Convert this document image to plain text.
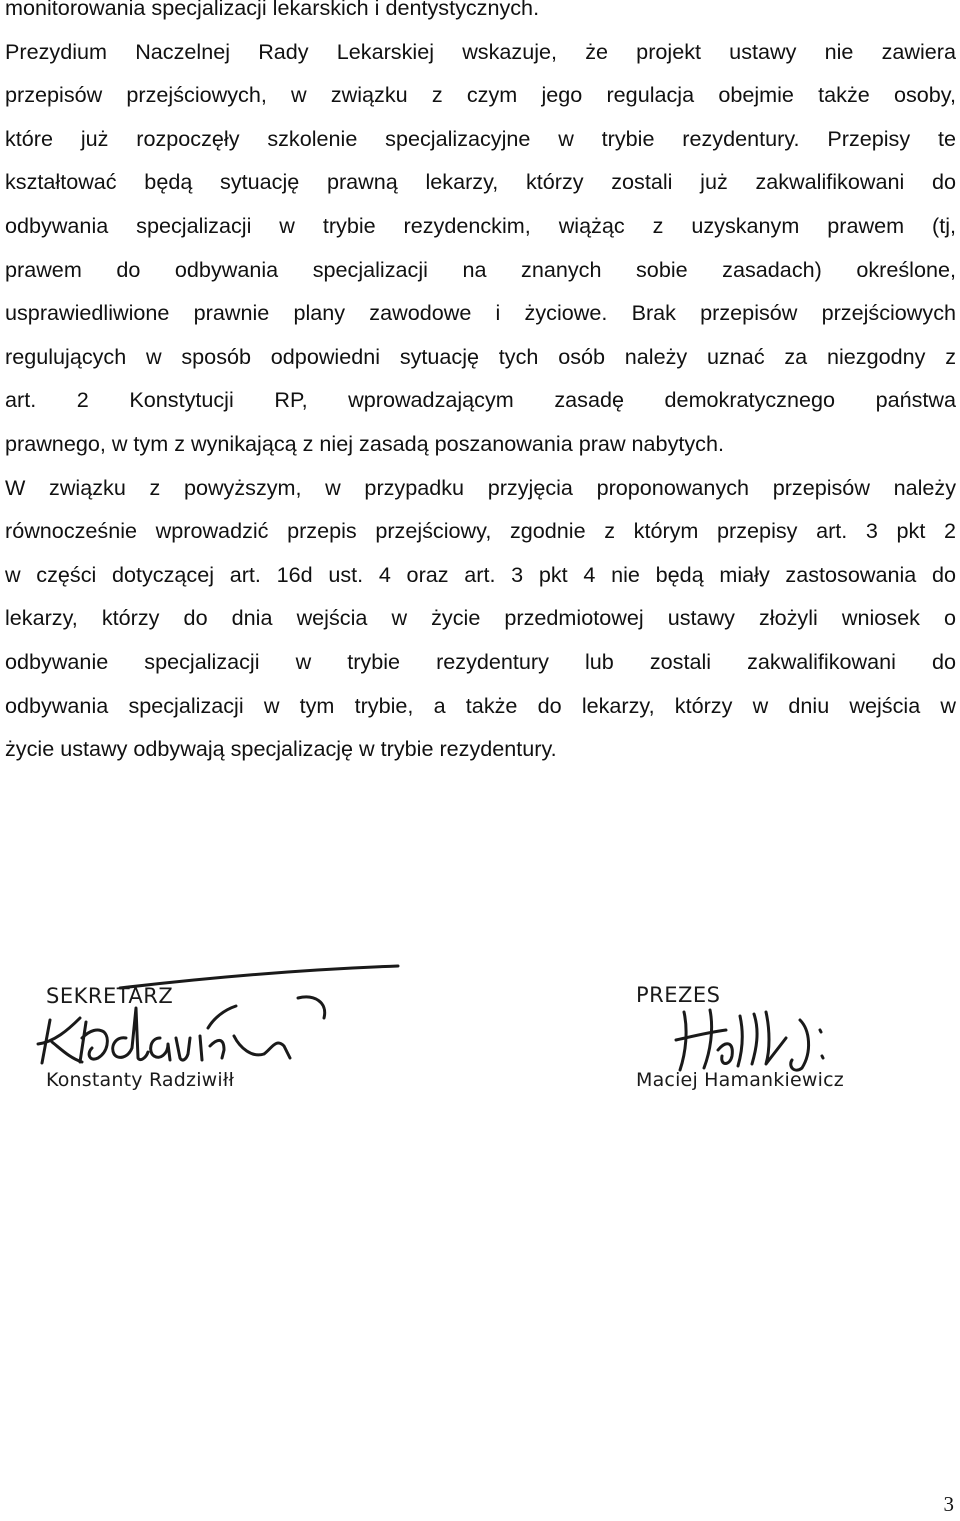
monitorowania specjalizacji lekarskich i dentystycznych.
Prezydium Naczelnej Rady Lekarskiej wskazuje, że projekt ustawy nie zawiera
przepisów przejściowych, w związku z czym jego regulacja obejmie także osoby,
które już rozpoczęły szkolenie specjalizacyjne w trybie rezydentury. Przepisy te
kształtować będą sytuację prawną lekarzy, którzy zostali już zakwalifikowani do
odbywania specjalizacji w trybie rezydenckim, wiążąc z uzyskanym prawem (tj,
prawem do odbywania specjalizacji na znanych sobie zasadach) określone,
usprawiedliwione prawnie plany zawodowe i życiowe. Brak przepisów przejściowych
regulujących w sposób odpowiedni sytuację tych osób należy uznać za niezgodny z
art. 2 Konstytucji RP, wprowadzającym zasadę demokratycznego państwa
prawnego, w tym z wynikającą z niej zasadą poszanowania praw nabytych.
W związku z powyższym, w przypadku przyjęcia proponowanych przepisów należy
równocześnie wprowadzić przepis przejściowy, zgodnie z którym przepisy art. 3 pkt 2
w części dotyczącej art. 16d ust. 4 oraz art. 3 pkt 4 nie będą miały zastosowania do
lekarzy, którzy do dnia wejścia w życie przedmiotowej ustawy złożyli wniosek o
odbywanie specjalizacji w trybie rezydentury lub zostali zakwalifikowani do
odbywania specjalizacji w tym trybie, a także do lekarzy, którzy w dniu wejścia w
życie ustawy odbywają specjalizację w trybie rezydentury.
SEKRETARZ
Konstanty Radziwiłł
PREZES
Maciej Hamankiewicz
3
